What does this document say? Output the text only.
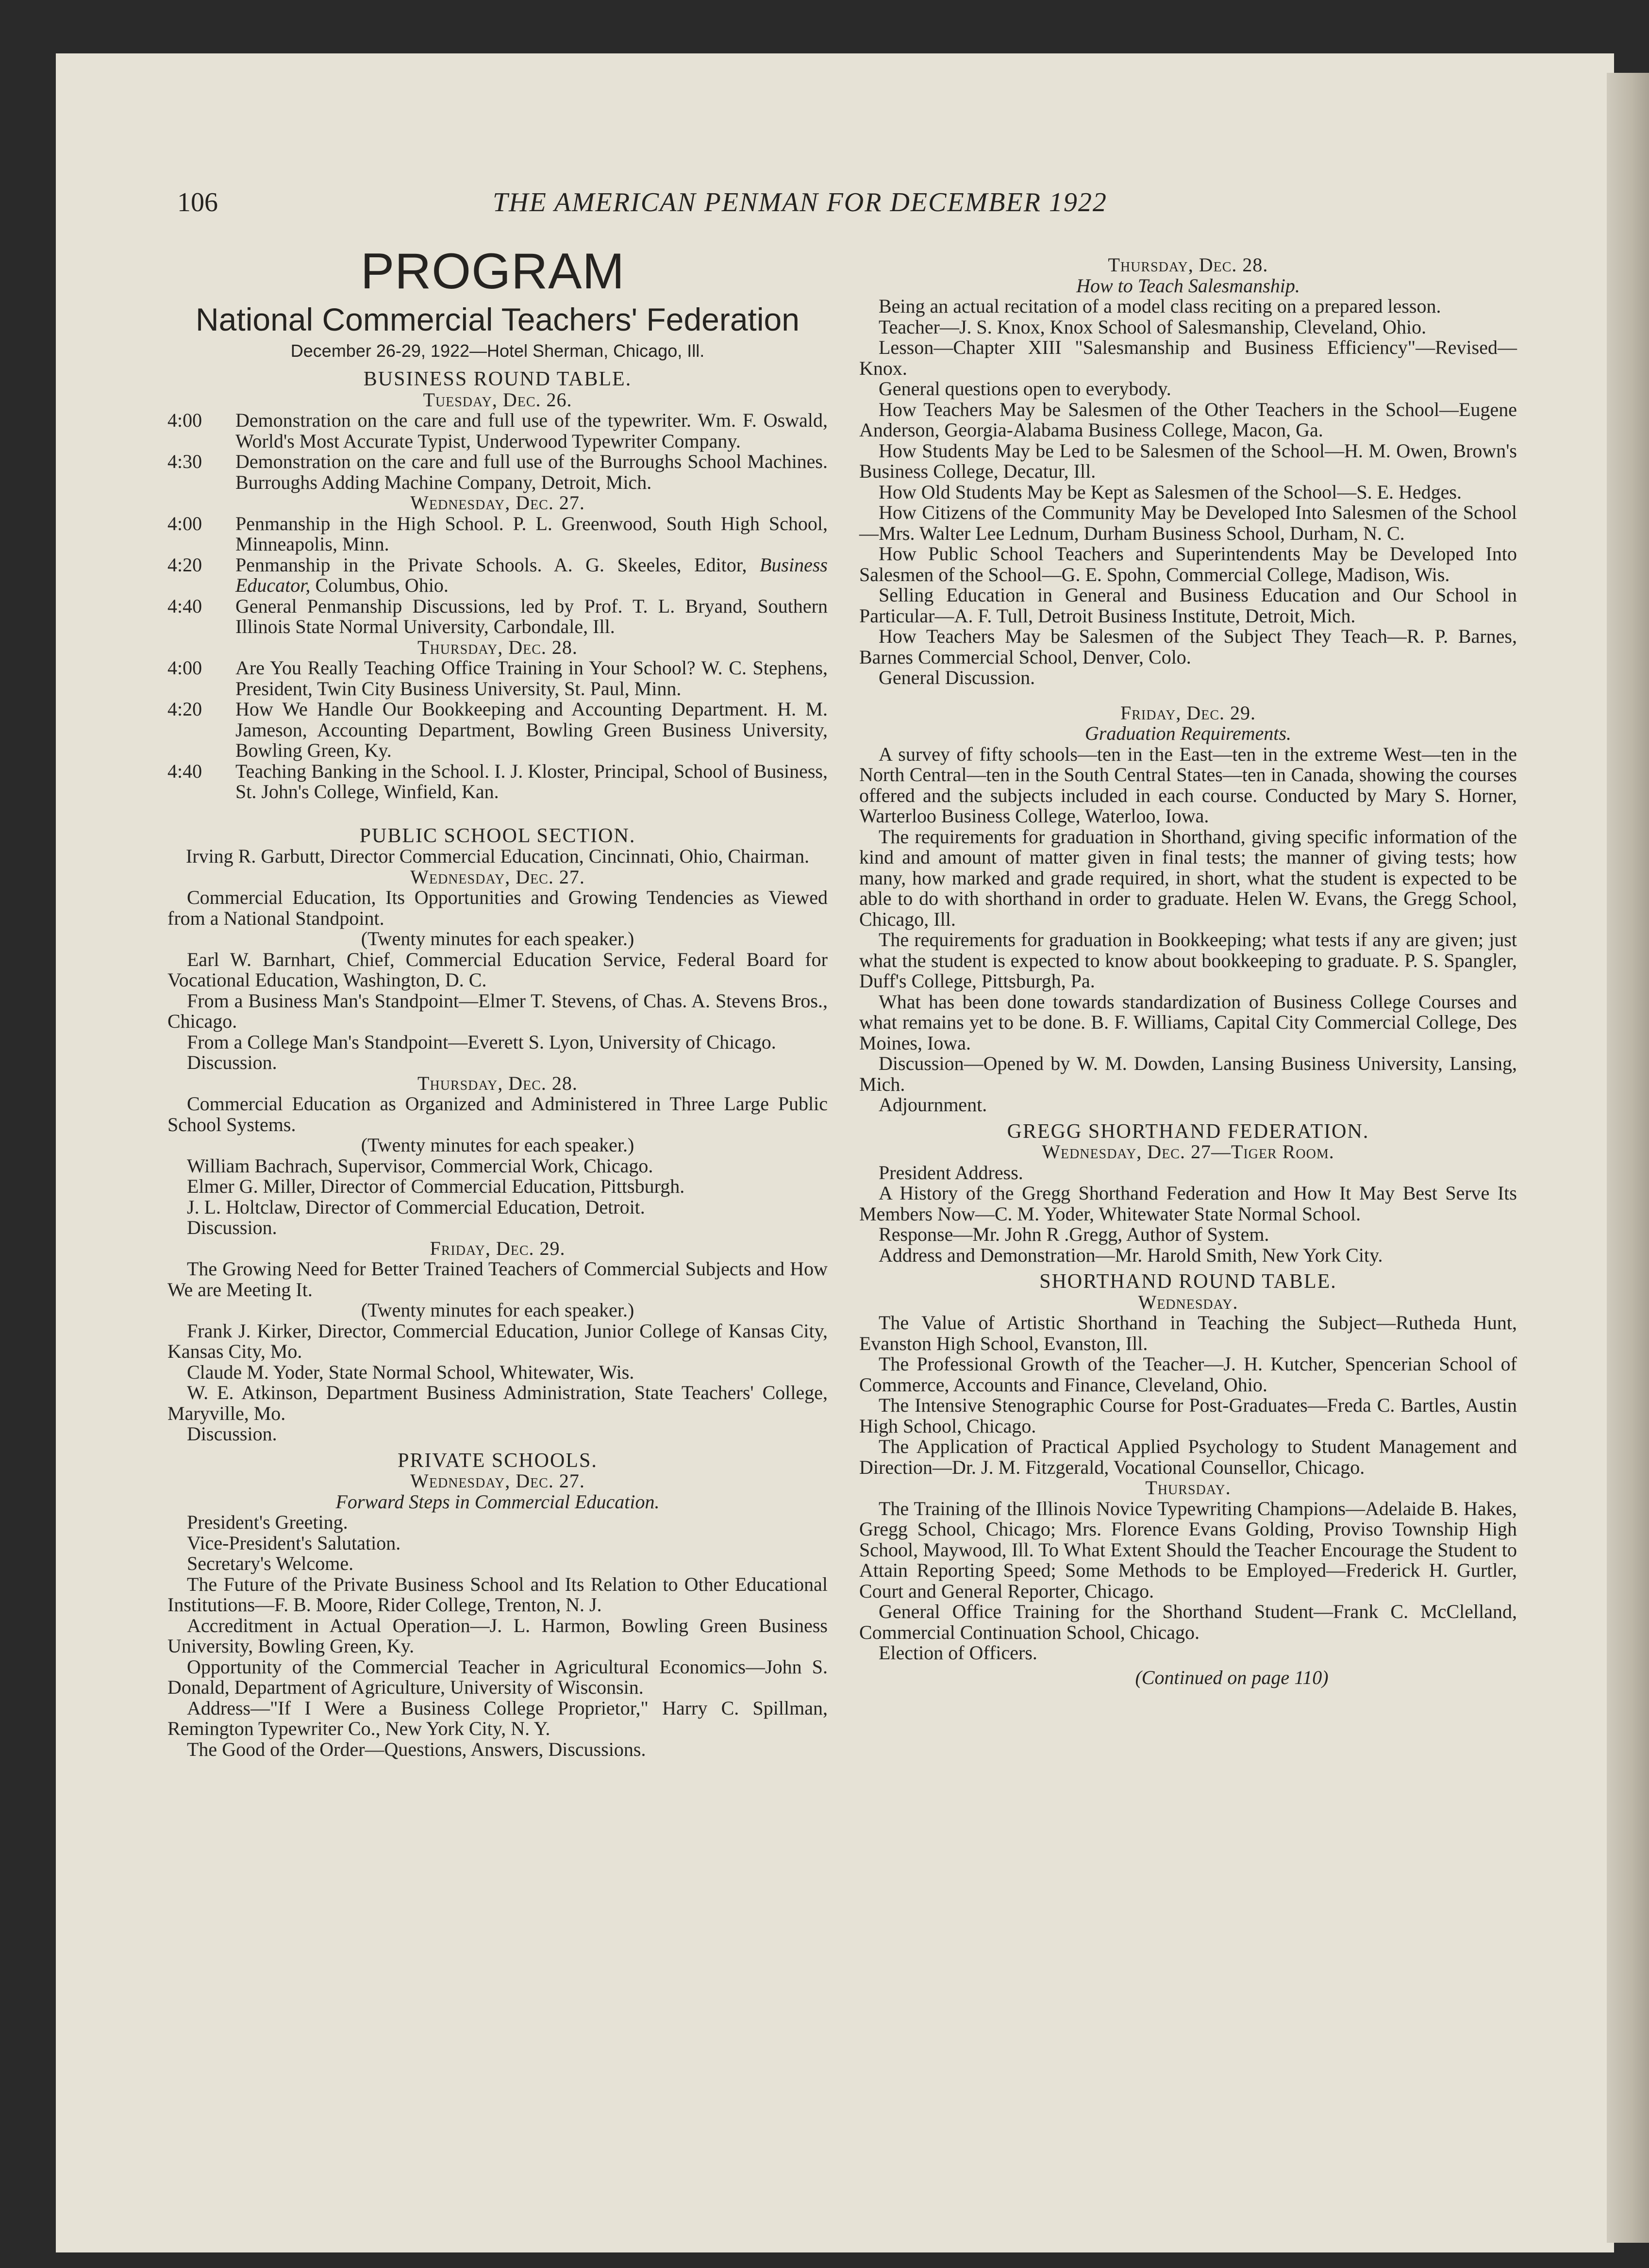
106	THE AMERICAN PENMAN FOR DECEMBER 1922
PROGRAM
National Commercial Teachers' Federation
December 26-29, 1922—Hotel Sherman, Chicago, Ill.
BUSINESS ROUND TABLE.
Tuesday, Dec. 26.
4:00	Demonstration on the care and full use of the typewriter. Wm. F. Oswald, World's Most Accurate Typist, Underwood Typewriter Company.
4:30	Demonstration on the care and full use of the Burroughs School Machines. Burroughs Adding Machine Company, Detroit, Mich.
Wednesday, Dec. 27.
4:00	Penmanship in the High School. P. L. Greenwood, South High School, Minneapolis, Minn.
4:20	Penmanship in the Private Schools. A. G. Skeeles, Editor, Business Educator, Columbus, Ohio.
4:40	General Penmanship Discussions, led by Prof. T. L. Bryand, Southern Illinois State Normal University, Carbondale, Ill.
Thursday, Dec. 28.
4:00	Are You Really Teaching Office Training in Your School? W. C. Stephens, President, Twin City Business University, St. Paul, Minn.
4:20	How We Handle Our Bookkeeping and Accounting Department. H. M. Jameson, Accounting Department, Bowling Green Business University, Bowling Green, Ky.
4:40	Teaching Banking in the School. I. J. Kloster, Principal, School of Business, St. John's College, Winfield, Kan.
PUBLIC SCHOOL SECTION.

Irving R. Garbutt, Director Commercial Education, Cincinnati, Ohio, Chairman.

Wednesday, Dec. 27.

Commercial Education, Its Opportunities and Growing Tendencies as Viewed from a National Standpoint.

(Twenty minutes for each speaker.)

Earl W. Barnhart, Chief, Commercial Education Service, Federal Board for Vocational Education, Washington, D. C.

From a Business Man's Standpoint—Elmer T. Stevens, of Chas. A. Stevens Bros., Chicago.

From a College Man's Standpoint—Everett S. Lyon, University of Chicago.

Discussion.

Thursday, Dec. 28.

Commercial Education as Organized and Administered in Three Large Public School Systems.

(Twenty minutes for each speaker.)

William Bachrach, Supervisor, Commercial Work, Chicago.

Elmer G. Miller, Director of Commercial Education, Pittsburgh.

J. L. Holtclaw, Director of Commercial Education, Detroit.

Discussion.

Friday, Dec. 29.

The Growing Need for Better Trained Teachers of Commercial Subjects and How We are Meeting It.

(Twenty minutes for each speaker.)

Frank J. Kirker, Director, Commercial Education, Junior College of Kansas City, Kansas City, Mo.

Claude M. Yoder, State Normal School, Whitewater, Wis.

W. E. Atkinson, Department Business Administration, State Teachers' College, Maryville, Mo.

Discussion.

PRIVATE SCHOOLS.
Wednesday, Dec. 27.
Forward Steps in Commercial Education.

President's Greeting.

Vice-President's Salutation.

Secretary's Welcome.

The Future of the Private Business School and Its Relation to Other Educational Institutions—F. B. Moore, Rider College, Trenton, N. J.

Accreditment in Actual Operation—J. L. Harmon, Bowling Green Business University, Bowling Green, Ky.

Opportunity of the Commercial Teacher in Agricultural Economics—John S. Donald, Department of Agriculture, University of Wisconsin.

Address—"If I Were a Business College Proprietor," Harry C. Spillman, Remington Typewriter Co., New York City, N. Y.

The Good of the Order—Questions, Answers, Discussions.

Thursday, Dec. 28.
How to Teach Salesmanship.

Being an actual recitation of a model class reciting on a prepared lesson.

Teacher—J. S. Knox, Knox School of Salesmanship, Cleveland, Ohio.

Lesson—Chapter XIII "Salesmanship and Business Efficiency"—Revised—Knox.

General questions open to everybody.

How Teachers May be Salesmen of the Other Teachers in the School—Eugene Anderson, Georgia-Alabama Business College, Macon, Ga.

How Students May be Led to be Salesmen of the School—H. M. Owen, Brown's Business College, Decatur, Ill.

How Old Students May be Kept as Salesmen of the School—S. E. Hedges.

How Citizens of the Community May be Developed Into Salesmen of the School—Mrs. Walter Lee Lednum, Durham Business School, Durham, N. C.

How Public School Teachers and Superintendents May be Developed Into Salesmen of the School—G. E. Spohn, Commercial College, Madison, Wis.

Selling Education in General and Business Education and Our School in Particular—A. F. Tull, Detroit Business Institute, Detroit, Mich.

How Teachers May be Salesmen of the Subject They Teach—R. P. Barnes, Barnes Commercial School, Denver, Colo.

General Discussion.

Friday, Dec. 29.
Graduation Requirements.

A survey of fifty schools—ten in the East—ten in the extreme West—ten in the North Central—ten in the South Central States—ten in Canada, showing the courses offered and the subjects included in each course. Conducted by Mary S. Horner, Warterloo Business College, Waterloo, Iowa.

The requirements for graduation in Shorthand, giving specific information of the kind and amount of matter given in final tests; the manner of giving tests; how many, how marked and grade required, in short, what the student is expected to be able to do with shorthand in order to graduate. Helen W. Evans, the Gregg School, Chicago, Ill.

The requirements for graduation in Bookkeeping; what tests if any are given; just what the student is expected to know about bookkeeping to graduate. P. S. Spangler, Duff's College, Pittsburgh, Pa.

What has been done towards standardization of Business College Courses and what remains yet to be done. B. F. Williams, Capital City Commercial College, Des Moines, Iowa.

Discussion—Opened by W. M. Dowden, Lansing Business University, Lansing, Mich.

Adjournment.

GREGG SHORTHAND FEDERATION.
Wednesday, Dec. 27—Tiger Room.

President Address.

A History of the Gregg Shorthand Federation and How It May Best Serve Its Members Now—C. M. Yoder, Whitewater State Normal School.

Response—Mr. John R .Gregg, Author of System.

Address and Demonstration—Mr. Harold Smith, New York City.

SHORTHAND ROUND TABLE.
Wednesday.

The Value of Artistic Shorthand in Teaching the Subject—Rutheda Hunt, Evanston High School, Evanston, Ill.

The Professional Growth of the Teacher—J. H. Kutcher, Spencerian School of Commerce, Accounts and Finance, Cleveland, Ohio.

The Intensive Stenographic Course for Post-Graduates—Freda C. Bartles, Austin High School, Chicago.

The Application of Practical Applied Psychology to Student Management and Direction—Dr. J. M. Fitzgerald, Vocational Counsellor, Chicago.

Thursday.

The Training of the Illinois Novice Typewriting Champions—Adelaide B. Hakes, Gregg School, Chicago; Mrs. Florence Evans Golding, Proviso Township High School, Maywood, Ill. To What Extent Should the Teacher Encourage the Student to Attain Reporting Speed; Some Methods to be Employed—Frederick H. Gurtler, Court and General Reporter, Chicago.

General Office Training for the Shorthand Student—Frank C. McClelland, Commercial Continuation School, Chicago.

Election of Officers.

(Continued on page 110)
